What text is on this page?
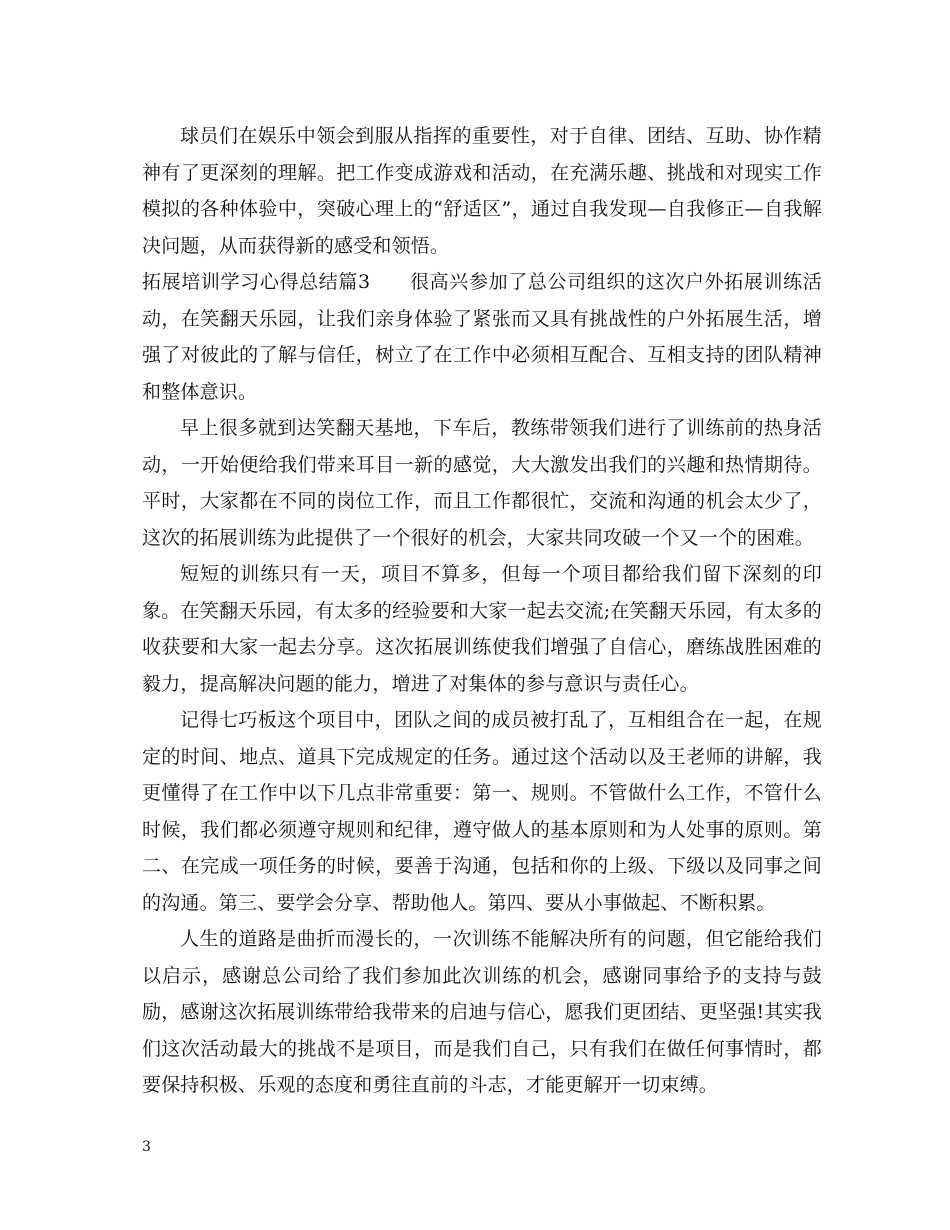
球员们在娱乐中领会到服从指挥的重要性，对于自律、团结、互助、协作精神有了更深刻的理解。把工作变成游戏和活动，在充满乐趣、挑战和对现实工作模拟的各种体验中，突破心理上的“舒适区”，通过自我发现—自我修正—自我解决问题，从而获得新的感受和领悟。

拓展培训学习心得总结篇3　　很高兴参加了总公司组织的这次户外拓展训练活动，在笑翻天乐园，让我们亲身体验了紧张而又具有挑战性的户外拓展生活，增强了对彼此的了解与信任，树立了在工作中必须相互配合、互相支持的团队精神和整体意识。

早上很多就到达笑翻天基地，下车后，教练带领我们进行了训练前的热身活动，一开始便给我们带来耳目一新的感觉，大大激发出我们的兴趣和热情期待。平时，大家都在不同的岗位工作，而且工作都很忙，交流和沟通的机会太少了，这次的拓展训练为此提供了一个很好的机会，大家共同攻破一个又一个的困难。

短短的训练只有一天，项目不算多，但每一个项目都给我们留下深刻的印象。在笑翻天乐园，有太多的经验要和大家一起去交流;在笑翻天乐园，有太多的收获要和大家一起去分享。这次拓展训练使我们增强了自信心，磨练战胜困难的毅力，提高解决问题的能力，增进了对集体的参与意识与责任心。

记得七巧板这个项目中，团队之间的成员被打乱了，互相组合在一起，在规定的时间、地点、道具下完成规定的任务。通过这个活动以及王老师的讲解，我更懂得了在工作中以下几点非常重要：第一、规则。不管做什么工作，不管什么时候，我们都必须遵守规则和纪律，遵守做人的基本原则和为人处事的原则。第二、在完成一项任务的时候，要善于沟通，包括和你的上级、下级以及同事之间的沟通。第三、要学会分享、帮助他人。第四、要从小事做起、不断积累。

人生的道路是曲折而漫长的，一次训练不能解决所有的问题，但它能给我们以启示，感谢总公司给了我们参加此次训练的机会，感谢同事给予的支持与鼓励，感谢这次拓展训练带给我带来的启迪与信心，愿我们更团结、更坚强!其实我们这次活动最大的挑战不是项目，而是我们自己，只有我们在做任何事情时，都要保持积极、乐观的态度和勇往直前的斗志，才能更解开一切束缚。

3
